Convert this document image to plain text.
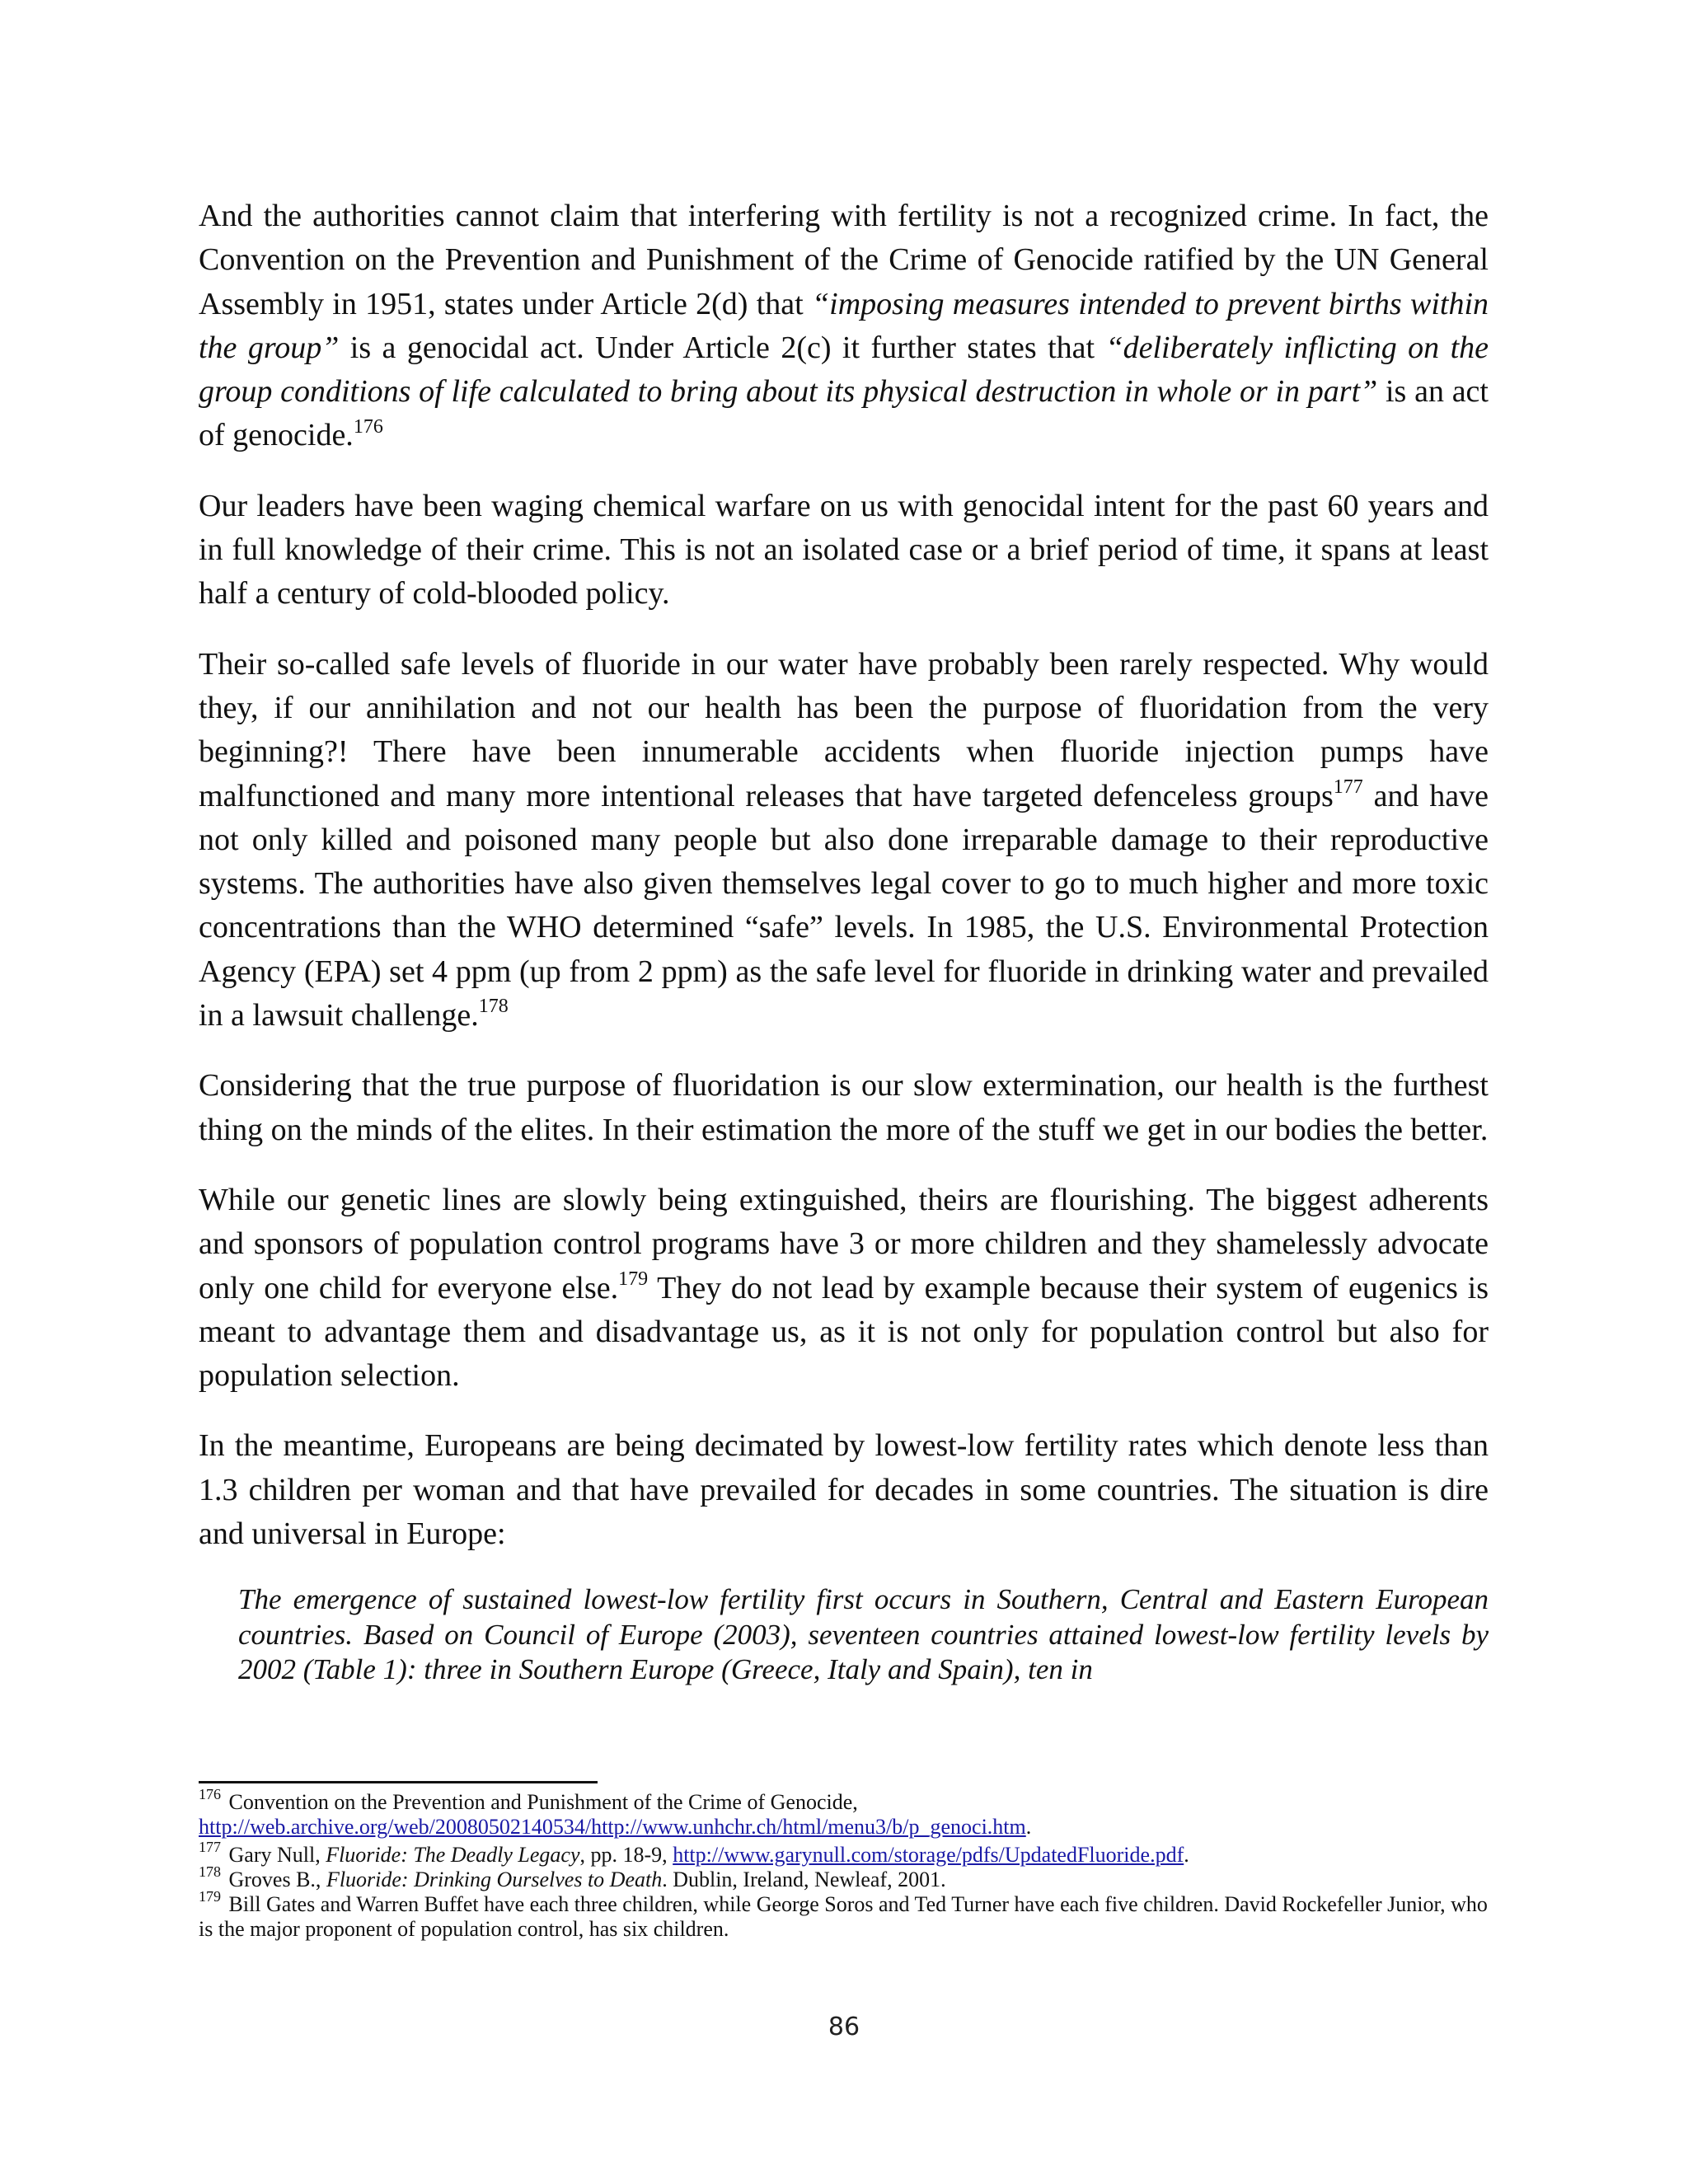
And the authorities cannot claim that interfering with fertility is not a recognized crime. In fact, the Convention on the Prevention and Punishment of the Crime of Genocide ratified by the UN General Assembly in 1951, states under Article 2(d) that “imposing measures intended to prevent births within the group” is a genocidal act. Under Article 2(c) it further states that “deliberately inflicting on the group conditions of life calculated to bring about its physical destruction in whole or in part” is an act of genocide.$^{176}$

Our leaders have been waging chemical warfare on us with genocidal intent for the past 60 years and in full knowledge of their crime. This is not an isolated case or a brief period of time, it spans at least half a century of cold-blooded policy.

Their so-called safe levels of fluoride in our water have probably been rarely respected. Why would they, if our annihilation and not our health has been the purpose of fluoridation from the very beginning?! There have been innumerable accidents when fluoride injection pumps have malfunctioned and many more intentional releases that have targeted defenceless groups$^{177}$ and have not only killed and poisoned many people but also done irreparable damage to their reproductive systems. The authorities have also given themselves legal cover to go to much higher and more toxic concentrations than the WHO determined “safe” levels. In 1985, the U.S. Environmental Protection Agency (EPA) set 4 ppm (up from 2 ppm) as the safe level for fluoride in drinking water and prevailed in a lawsuit challenge.$^{178}$

Considering that the true purpose of fluoridation is our slow extermination, our health is the furthest thing on the minds of the elites. In their estimation the more of the stuff we get in our bodies the better.

While our genetic lines are slowly being extinguished, theirs are flourishing. The biggest adherents and sponsors of population control programs have 3 or more children and they shamelessly advocate only one child for everyone else.$^{179}$ They do not lead by example because their system of eugenics is meant to advantage them and disadvantage us, as it is not only for population control but also for population selection.

In the meantime, Europeans are being decimated by lowest-low fertility rates which denote less than 1.3 children per woman and that have prevailed for decades in some countries. The situation is dire and universal in Europe:

The emergence of sustained lowest-low fertility first occurs in Southern, Central and Eastern European countries. Based on Council of Europe (2003), seventeen countries attained lowest-low fertility levels by 2002 (Table 1): three in Southern Europe (Greece, Italy and Spain), ten in

$^{176}$ Convention on the Prevention and Punishment of the Crime of Genocide,
http://web.archive.org/web/20080502140534/http://www.unhchr.ch/html/menu3/b/p_genoci.htm.
$^{177}$ Gary Null, Fluoride: The Deadly Legacy, pp. 18-9, http://www.garynull.com/storage/pdfs/UpdatedFluoride.pdf.
$^{178}$ Groves B., Fluoride: Drinking Ourselves to Death. Dublin, Ireland, Newleaf, 2001.
$^{179}$ Bill Gates and Warren Buffet have each three children, while George Soros and Ted Turner have each five children. David Rockefeller Junior, who is the major proponent of population control, has six children.
86
